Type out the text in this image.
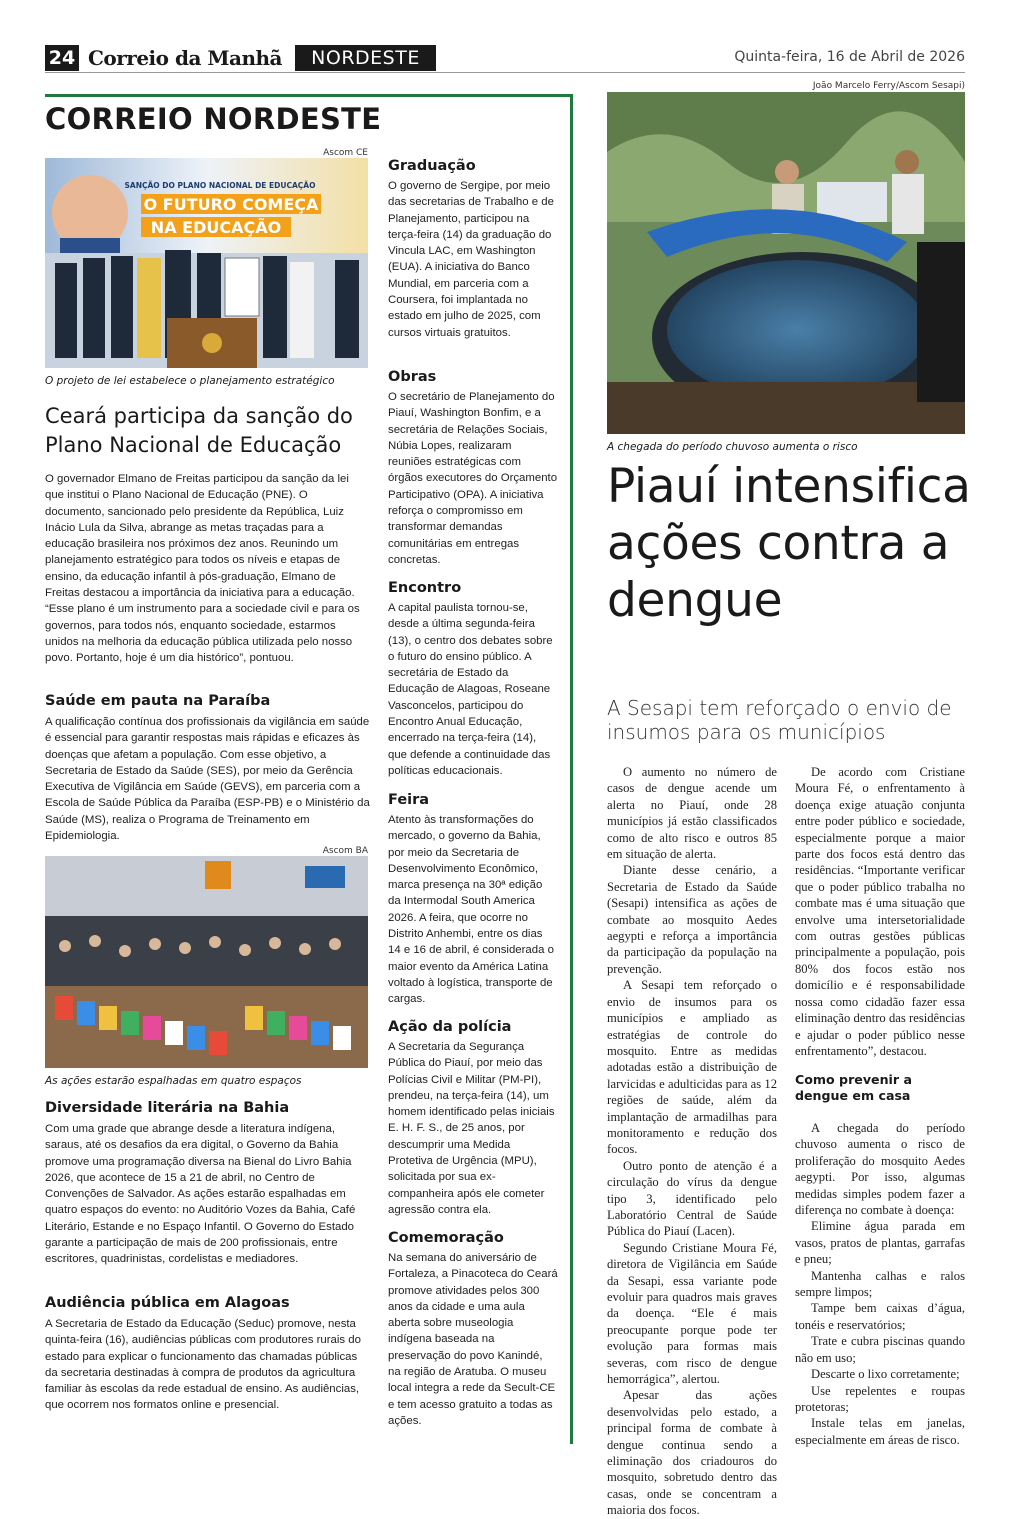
24 Correio da Manhã	NORDESTE	Quinta-feira, 16 de Abril de 2026
CORREIO NORDESTE
Ascom CE
SANÇÃO DO PLANO NACIONAL DE EDUCAÇÃO
O FUTURO COMEÇA
NA EDUCAÇÃO
O projeto de lei estabelece o planejamento estratégico
Ceará participa da sanção do Plano Nacional de Educação
O governador Elmano de Freitas participou da sanção da lei que institui o Plano Nacional de Educação (PNE). O documento, sancionado pelo presidente da República, Luiz Inácio Lula da Silva, abrange as metas traçadas para a educação brasileira nos próximos dez anos. Reunindo um planejamento estratégico para todos os níveis e etapas de ensino, da educação infantil à pós-graduação, Elmano de Freitas destacou a importância da iniciativa para a educação. “Esse plano é um instrumento para a sociedade civil e para os governos, para todos nós, enquanto sociedade, estarmos unidos na melhoria da educação pública utilizada pelo nosso povo. Portanto, hoje é um dia histórico”, pontuou.
Saúde em pauta na Paraíba
A qualificação contínua dos profissionais da vigilância em saúde é essencial para garantir respostas mais rápidas e eficazes às doenças que afetam a população. Com esse objetivo, a Secretaria de Estado da Saúde (SES), por meio da Gerência Executiva de Vigilância em Saúde (GEVS), em parceria com a Escola de Saúde Pública da Paraíba (ESP-PB) e o Ministério da Saúde (MS), realiza o Programa de Treinamento em Epidemiologia.
Ascom BA
As ações estarão espalhadas em quatro espaços
Diversidade literária na Bahia
Com uma grade que abrange desde a literatura indígena, saraus, até os desafios da era digital, o Governo da Bahia promove uma programação diversa na Bienal do Livro Bahia 2026, que acontece de 15 a 21 de abril, no Centro de Convenções de Salvador. As ações estarão espalhadas em quatro espaços do evento: no Auditório Vozes da Bahia, Café Literário, Estande e no Espaço Infantil. O Governo do Estado garante a participação de mais de 200 profissionais, entre escritores, quadrinistas, cordelistas e mediadores.
Audiência pública em Alagoas
A Secretaria de Estado da Educação (Seduc) promove, nesta quinta-feira (16), audiências públicas com produtores rurais do estado para explicar o funcionamento das chamadas públicas da secretaria destinadas à compra de produtos da agricultura familiar às escolas da rede estadual de ensino. As audiências, que ocorrem nos formatos online e presencial.
Graduação
O governo de Sergipe, por meio das secretarias de Trabalho e de Planejamento, participou na terça-feira (14) da graduação do Vincula LAC, em Washington (EUA). A iniciativa do Banco Mundial, em parceria com a Coursera, foi implantada no estado em julho de 2025, com cursos virtuais gratuitos.
Obras
O secretário de Planejamento do Piauí, Washington Bonfim, e a secretária de Relações Sociais, Núbia Lopes, realizaram reuniões estratégicas com órgãos executores do Orçamento Participativo (OPA). A iniciativa reforça o compromisso em transformar demandas comunitárias em entregas concretas.
Encontro
A capital paulista tornou-se, desde a última segunda-feira (13), o centro dos debates sobre o futuro do ensino público. A secretária de Estado da Educação de Alagoas, Roseane Vasconcelos, participou do Encontro Anual Educação, encerrado na terça-feira (14), que defende a continuidade das políticas educacionais.
Feira
Atento às transformações do mercado, o governo da Bahia, por meio da Secretaria de Desenvolvimento Econômico, marca presença na 30ª edição da Intermodal South America 2026. A feira, que ocorre no Distrito Anhembi, entre os dias 14 e 16 de abril, é considerada o maior evento da América Latina voltado à logística, transporte de cargas.
Ação da polícia
A Secretaria da Segurança Pública do Piauí, por meio das Polícias Civil e Militar (PM-PI), prendeu, na terça-feira (14), um homem identificado pelas iniciais E. H. F. S., de 25 anos, por descumprir uma Medida Protetiva de Urgência (MPU), solicitada por sua ex-companheira após ele cometer agressão contra ela.
Comemoração
Na semana do aniversário de Fortaleza, a Pinacoteca do Ceará promove atividades pelos 300 anos da cidade e uma aula aberta sobre museologia indígena baseada na preservação do povo Kanindé, na região de Aratuba. O museu local integra a rede da Secult-CE e tem acesso gratuito a todas as ações.
João Marcelo Ferry/Ascom Sesapi)
A chegada do período chuvoso aumenta o risco
Piauí intensifica ações contra a dengue
A Sesapi tem reforçado o envio de insumos para os municípios

O aumento no número de casos de dengue acende um alerta no Piauí, onde 28 municípios já estão classificados como de alto risco e outros 85 em situação de alerta.

Diante desse cenário, a Secretaria de Estado da Saúde (Sesapi) intensifica as ações de combate ao mosquito Aedes aegypti e reforça a importância da participação da população na prevenção.

A Sesapi tem reforçado o envio de insumos para os municípios e ampliado as estratégias de controle do mosquito. Entre as medidas adotadas estão a distribuição de larvicidas e adulticidas para as 12 regiões de saúde, além da implantação de armadilhas para monitoramento e redução dos focos.

Outro ponto de atenção é a circulação do vírus da dengue tipo 3, identificado pelo Laboratório Central de Saúde Pública do Piauí (Lacen).

Segundo Cristiane Moura Fé, diretora de Vigilância em Saúde da Sesapi, essa variante pode evoluir para quadros mais graves da doença. “Ele é mais preocupante porque pode ter evolução para formas mais severas, com risco de dengue hemorrágica”, alertou.

Apesar das ações desenvolvidas pelo estado, a principal forma de combate à dengue continua sendo a eliminação dos criadouros do mosquito, sobretudo dentro das casas, onde se concentram a maioria dos focos.

De acordo com Cristiane Moura Fé, o enfrentamento à doença exige atuação conjunta entre poder público e sociedade, especialmente porque a maior parte dos focos está dentro das residências. “Importante verificar que o poder público trabalha no combate mas é uma situação que envolve uma intersetorialidade com outras gestões públicas principalmente a população, pois 80% dos focos estão nos domicílio e é responsabilidade nossa como cidadão fazer essa eliminação dentro das residências e ajudar o poder público nesse enfrentamento”, destacou.

Como prevenir a dengue em casa

A chegada do período chuvoso aumenta o risco de proliferação do mosquito Aedes aegypti. Por isso, algumas medidas simples podem fazer a diferença no combate à doença:

Elimine água parada em vasos, pratos de plantas, garrafas e pneu;

Mantenha calhas e ralos sempre limpos;

Tampe bem caixas d’água, tonéis e reservatórios;

Trate e cubra piscinas quando não em uso;

Descarte o lixo corretamente;

Use repelentes e roupas protetoras;

Instale telas em janelas, especialmente em áreas de risco.
